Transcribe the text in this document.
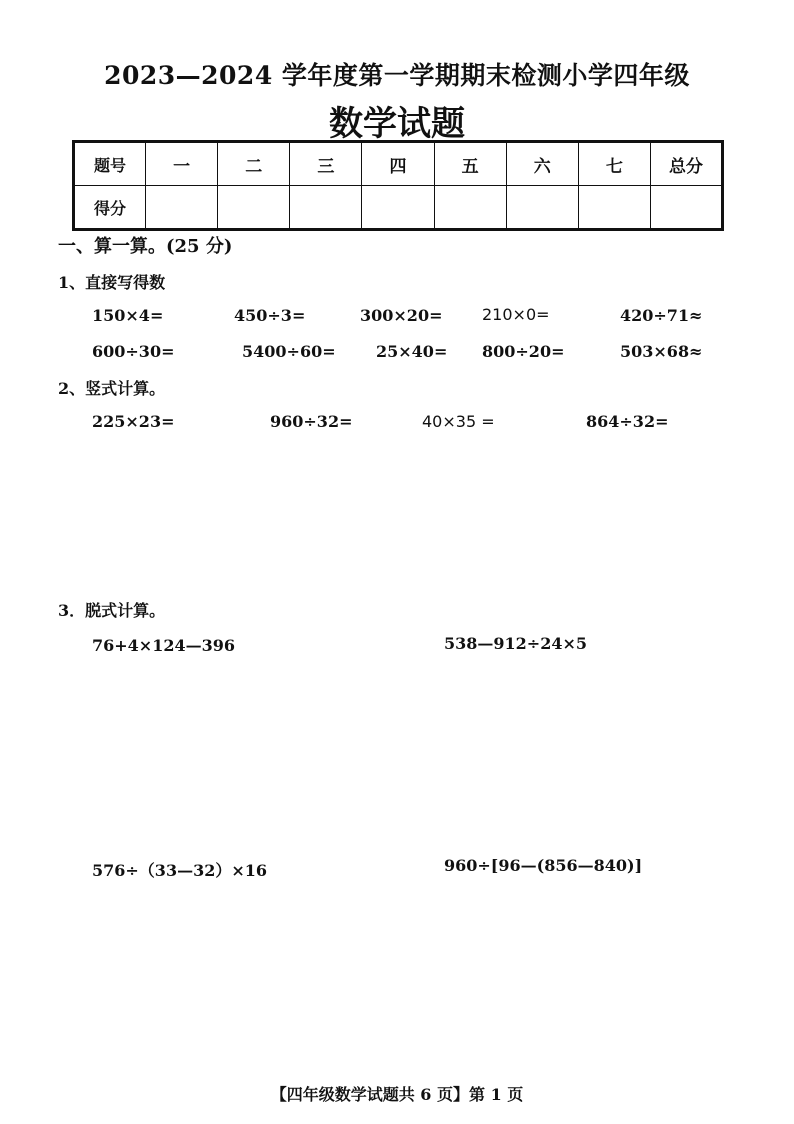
2023—2024 学年度第一学期期末检测小学四年级
数学试题
题号	一	二	三	四	五	六	七	总分
得分								
一、算一算。(25 分)
1、直接写得数
150×4=	450÷3=	300×20= 210×0=	420÷71≈
600÷30=	5400÷60=	25×40= 800÷20=	503×68≈
2、竖式计算。
225×23=	960÷32=	40×35 =	864÷32=
3．脱式计算。
76+4×124—396	538—912÷24×5
576÷（33—32）×16	960÷[96—(856—840)]
【四年级数学试题共 6 页】第 1 页
